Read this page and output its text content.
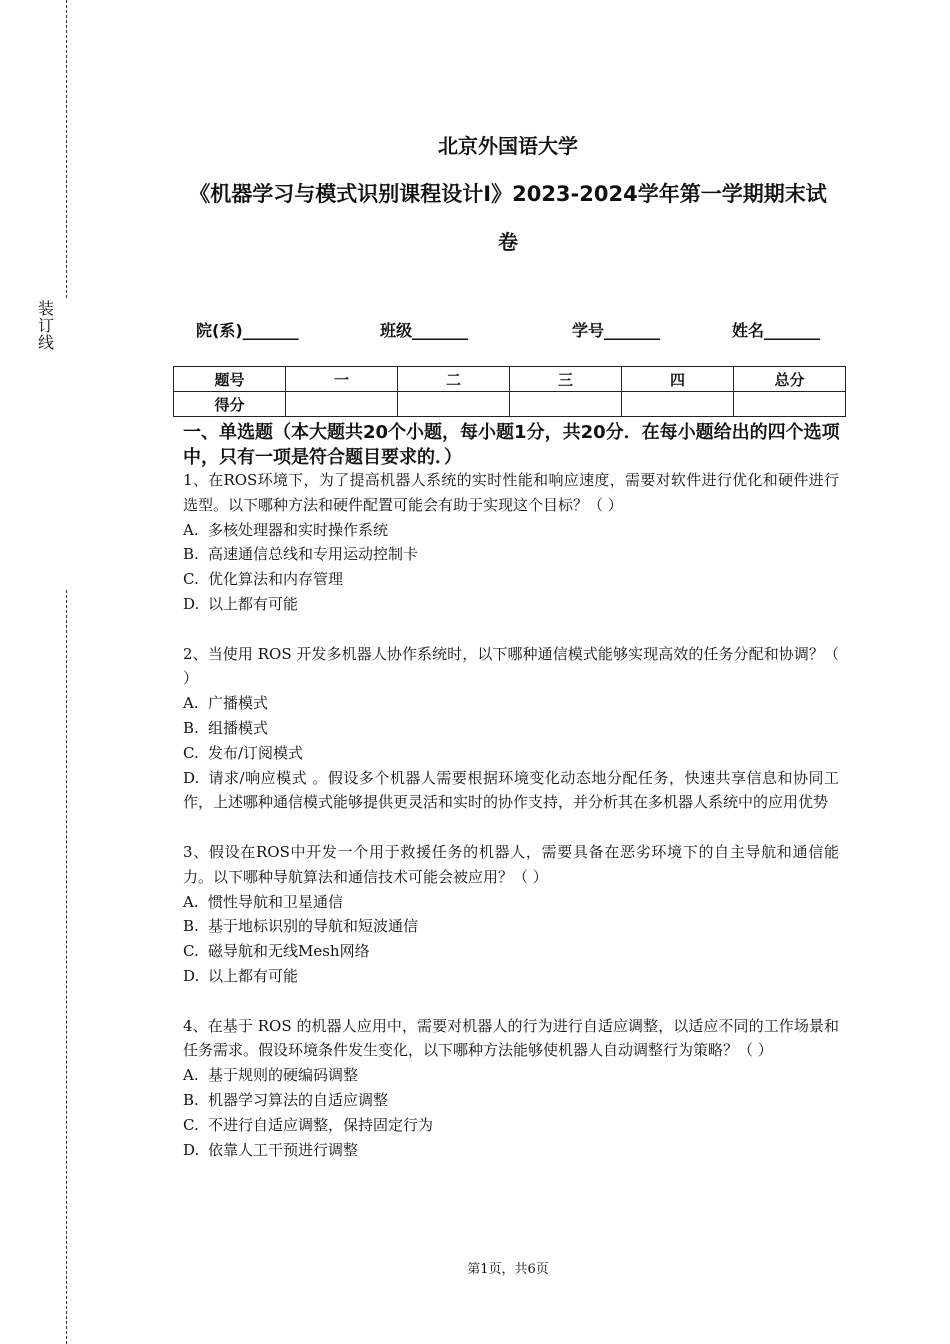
装
订
线
北京外国语大学
《机器学习与模式识别课程设计I》2023-2024学年第一学期期末试
卷
院(系)_______	班级_______	学号_______	姓名_______
题号	一	二	三	四	总分
得分					

一、单选题（本大题共20个小题，每小题1分，共20分．在每小题给出的四个选项中，只有一项是符合题目要求的．）

1、在ROS环境下，为了提高机器人系统的实时性能和响应速度，需要对软件进行优化和硬件进行选型。以下哪种方法和硬件配置可能会有助于实现这个目标？（ ）

A. 多核处理器和实时操作系统
B. 高速通信总线和专用运动控制卡
C. 优化算法和内存管理
D. 以上都有可能

2、当使用 ROS 开发多机器人协作系统时，以下哪种通信模式能够实现高效的任务分配和协调？（ ）

A. 广播模式
B. 组播模式
C. 发布/订阅模式

D. 请求/响应模式 。假设多个机器人需要根据环境变化动态地分配任务，快速共享信息和协同工作，上述哪种通信模式能够提供更灵活和实时的协作支持，并分析其在多机器人系统中的应用优势

3、假设在ROS中开发一个用于救援任务的机器人，需要具备在恶劣环境下的自主导航和通信能力。以下哪种导航算法和通信技术可能会被应用？（ ）

A. 惯性导航和卫星通信
B. 基于地标识别的导航和短波通信
C. 磁导航和无线Mesh网络
D. 以上都有可能

4、在基于 ROS 的机器人应用中，需要对机器人的行为进行自适应调整，以适应不同的工作场景和任务需求。假设环境条件发生变化，以下哪种方法能够使机器人自动调整行为策略？（ ）

A. 基于规则的硬编码调整
B. 机器学习算法的自适应调整
C. 不进行自适应调整，保持固定行为
D. 依靠人工干预进行调整
第1页，共6页
